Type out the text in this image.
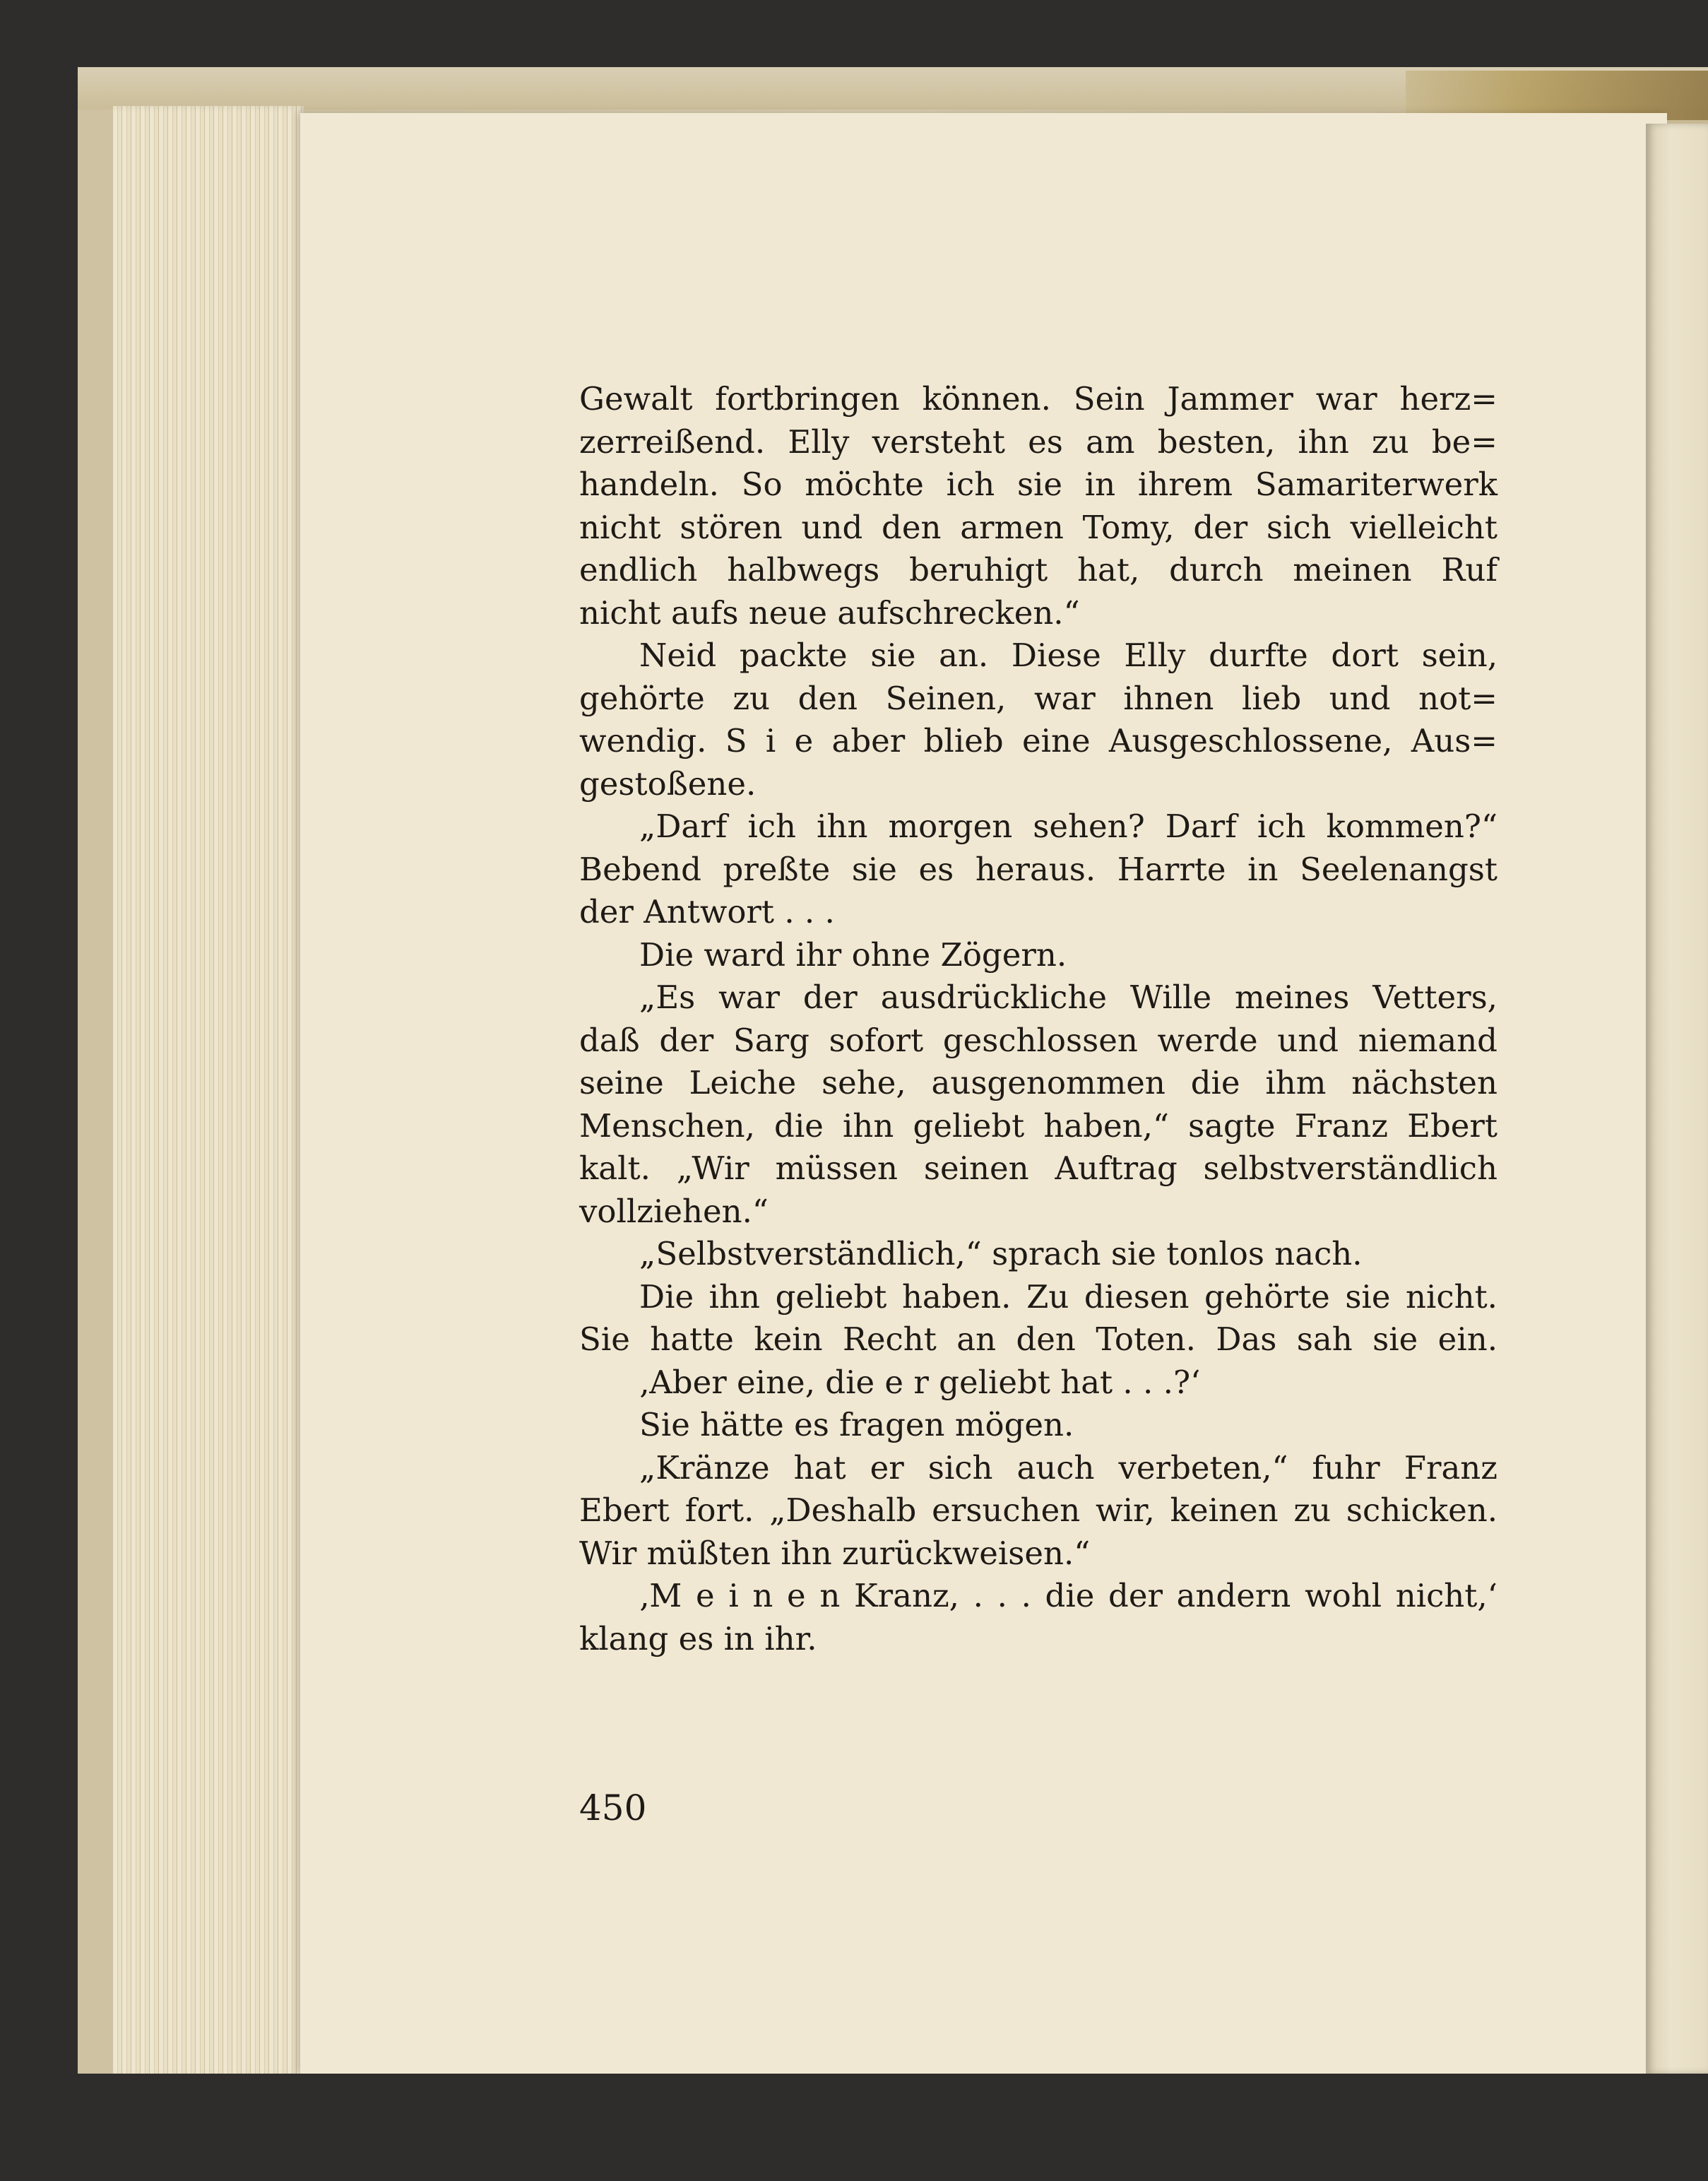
Gewalt fortbringen können. Sein Jammer war herz=
zerreißend. Elly versteht es am besten, ihn zu be=
handeln. So möchte ich sie in ihrem Samariterwerk
nicht stören und den armen Tomy, der sich vielleicht
endlich halbwegs beruhigt hat, durch meinen Ruf
nicht aufs neue aufschrecken.“
Neid packte sie an. Diese Elly durfte dort sein,
gehörte zu den Seinen, war ihnen lieb und not=
wendig. S i e aber blieb eine Ausgeschlossene, Aus=
gestoßene.
„Darf ich ihn morgen sehen? Darf ich kommen?“
Bebend preßte sie es heraus. Harrte in Seelenangst
der Antwort . . .
Die ward ihr ohne Zögern.
„Es war der ausdrückliche Wille meines Vetters,
daß der Sarg sofort geschlossen werde und niemand
seine Leiche sehe, ausgenommen die ihm nächsten
Menschen, die ihn geliebt haben,“ sagte Franz Ebert
kalt. „Wir müssen seinen Auftrag selbstverständlich
vollziehen.“
„Selbstverständlich,“ sprach sie tonlos nach.
Die ihn geliebt haben. Zu diesen gehörte sie nicht.
Sie hatte kein Recht an den Toten. Das sah sie ein.
‚Aber eine, die e r geliebt hat . . .?‘
Sie hätte es fragen mögen.
„Kränze hat er sich auch verbeten,“ fuhr Franz
Ebert fort. „Deshalb ersuchen wir, keinen zu schicken.
Wir müßten ihn zurückweisen.“
‚M e i n e n Kranz, . . . die der andern wohl nicht,‘
klang es in ihr.
450
